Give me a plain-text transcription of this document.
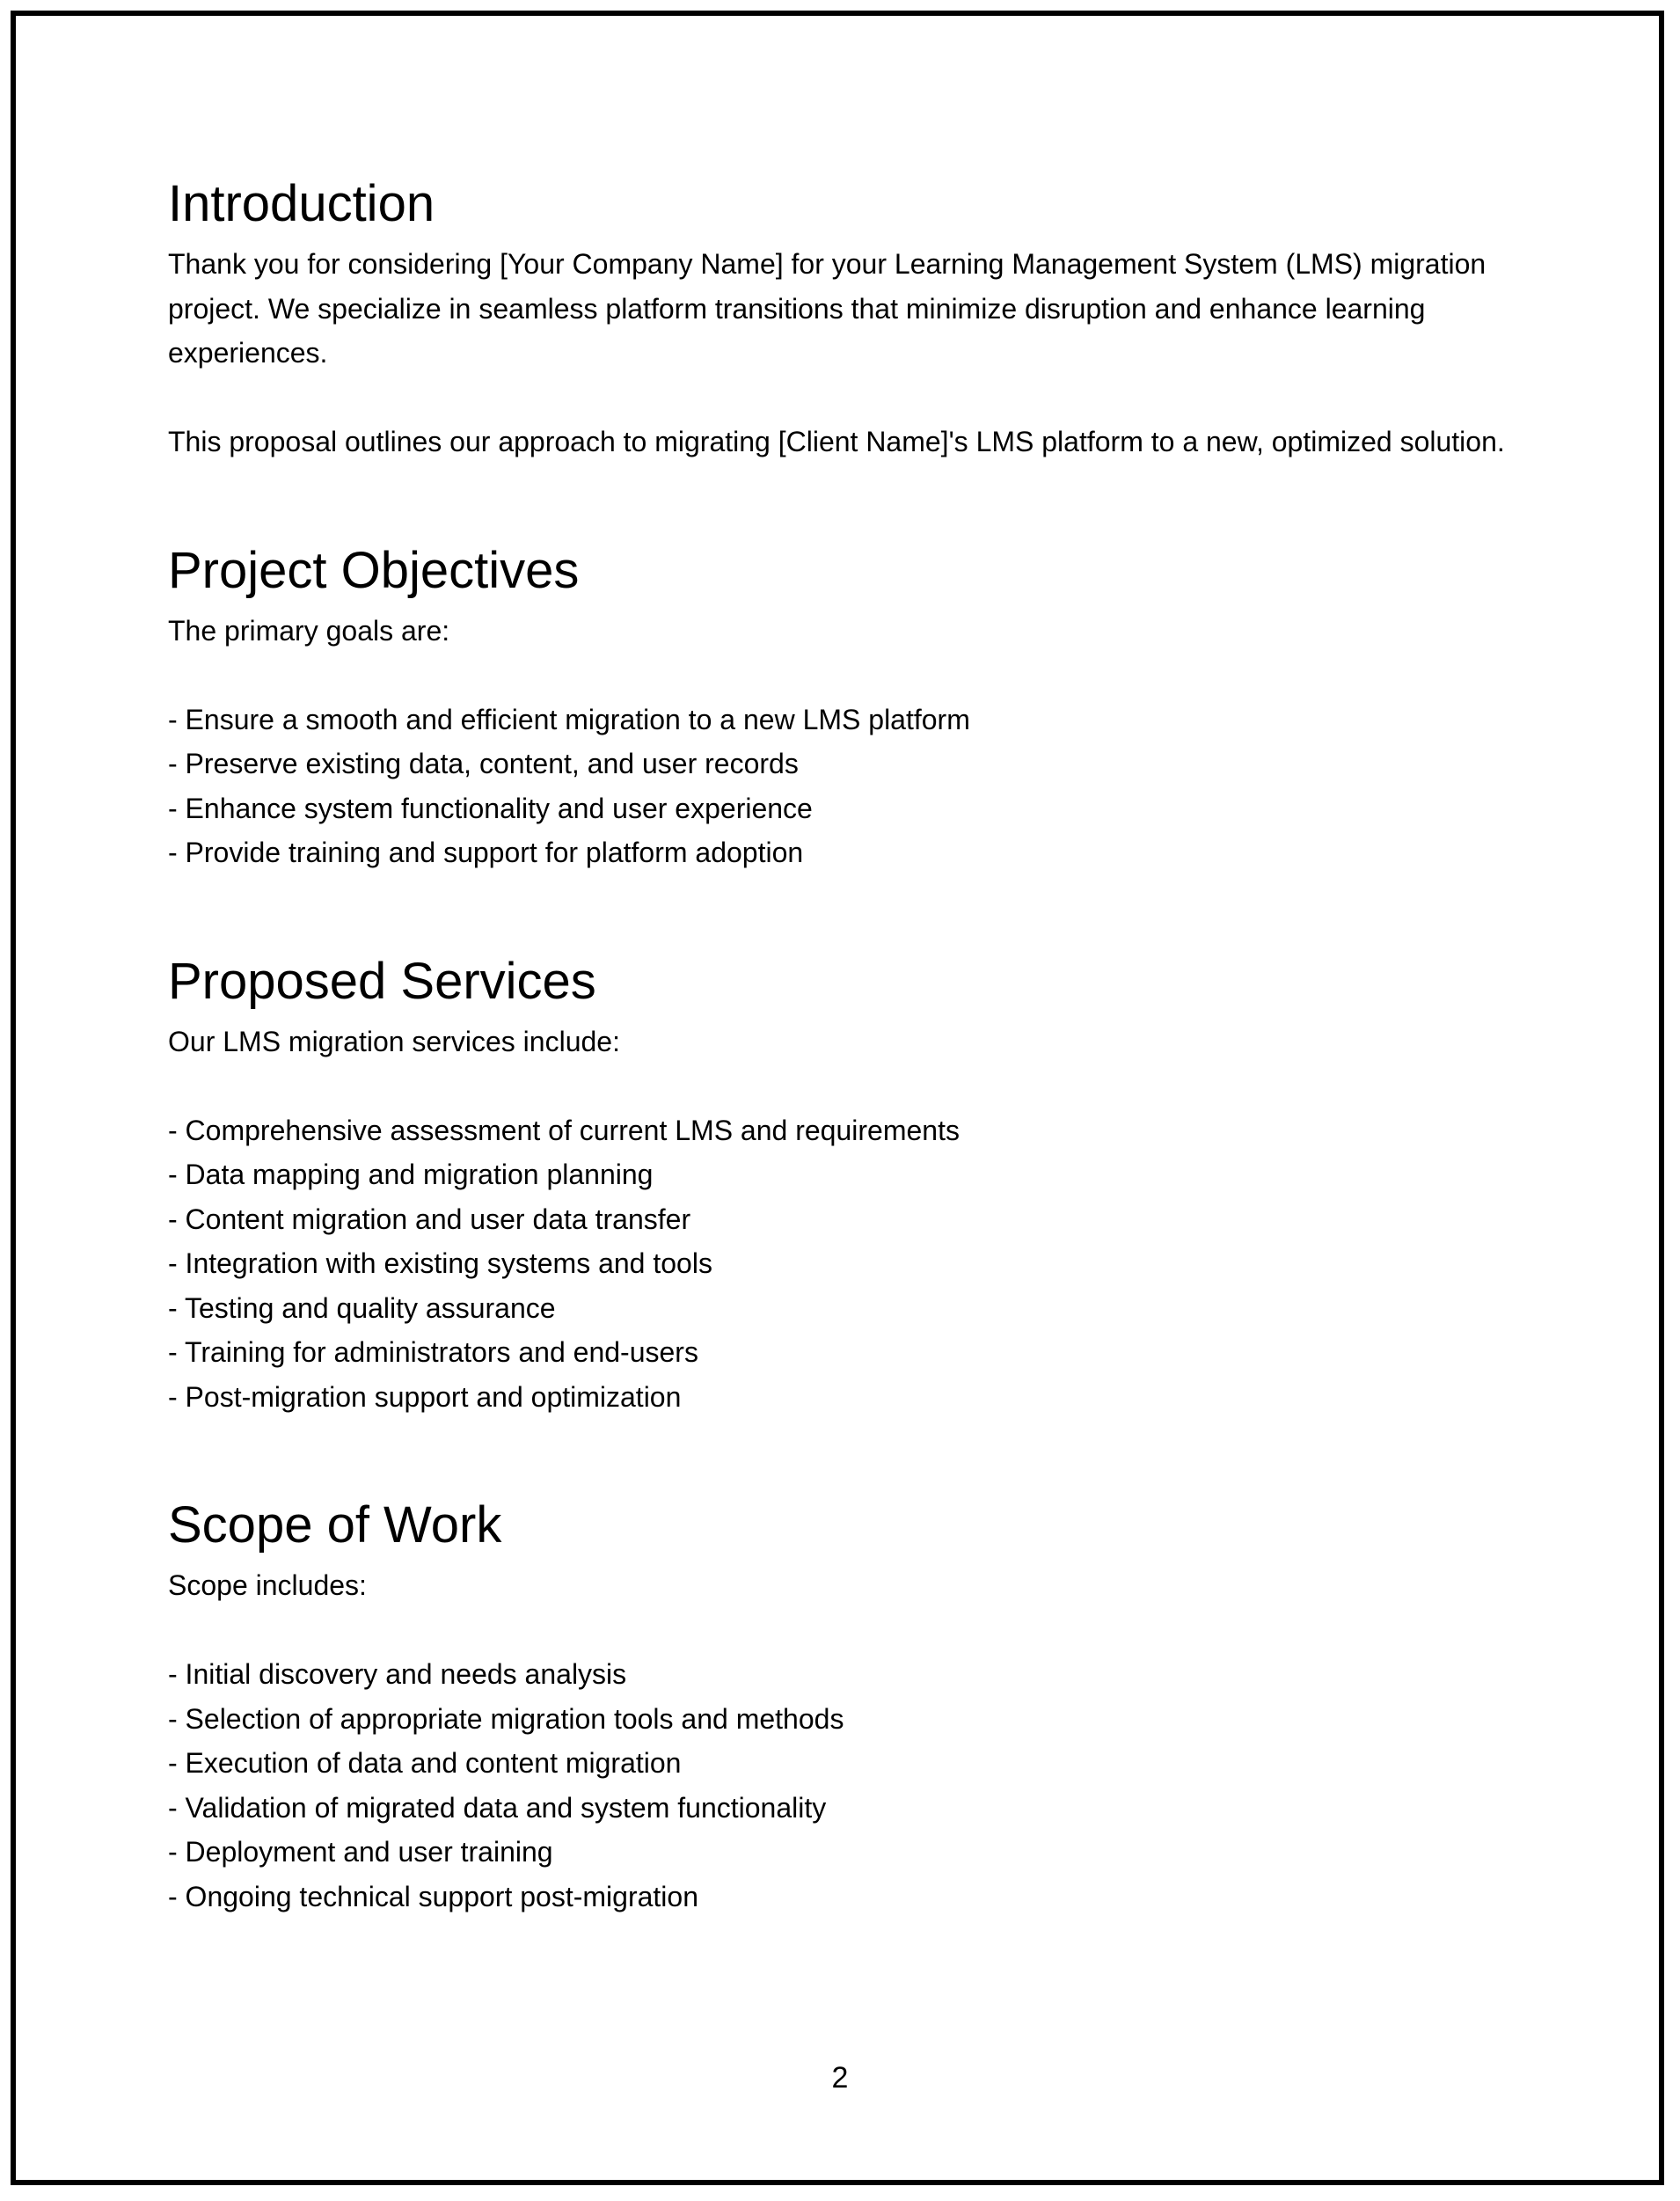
Introduction

Thank you for considering [Your Company Name] for your Learning Management System (LMS) migration project. We specialize in seamless platform transitions that minimize disruption and enhance learning experiences.

This proposal outlines our approach to migrating [Client Name]'s LMS platform to a new, optimized solution.

Project Objectives

The primary goals are:

- Ensure a smooth and efficient migration to a new LMS platform
- Preserve existing data, content, and user records
- Enhance system functionality and user experience
- Provide training and support for platform adoption
Proposed Services

Our LMS migration services include:

- Comprehensive assessment of current LMS and requirements
- Data mapping and migration planning
- Content migration and user data transfer
- Integration with existing systems and tools
- Testing and quality assurance
- Training for administrators and end-users
- Post-migration support and optimization
Scope of Work

Scope includes:

- Initial discovery and needs analysis
- Selection of appropriate migration tools and methods
- Execution of data and content migration
- Validation of migrated data and system functionality
- Deployment and user training
- Ongoing technical support post-migration
2
